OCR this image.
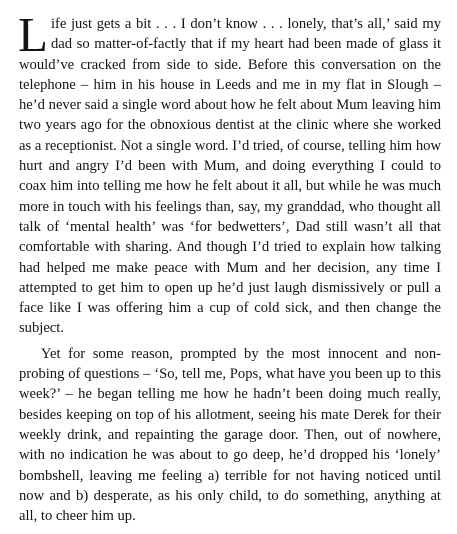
Life just gets a bit . . . I don’t know . . . lonely, that’s all,’ said my dad so matter-of-factly that if my heart had been made of glass it would’ve cracked from side to side. Before this conversation on the telephone – him in his house in Leeds and me in my flat in Slough – he’d never said a single word about how he felt about Mum leaving him two years ago for the obnoxious dentist at the clinic where she worked as a receptionist. Not a single word. I’d tried, of course, telling him how hurt and angry I’d been with Mum, and doing everything I could to coax him into telling me how he felt about it all, but while he was much more in touch with his feelings than, say, my granddad, who thought all talk of ‘mental health’ was ‘for bedwetters’, Dad still wasn’t all that comfortable with sharing. And though I’d tried to explain how talking had helped me make peace with Mum and her decision, any time I attempted to get him to open up he’d just laugh dismissively or pull a face like I was offering him a cup of cold sick, and then change the subject.

Yet for some reason, prompted by the most innocent and non-probing of questions – ‘So, tell me, Pops, what have you been up to this week?’ – he began telling me how he hadn’t been doing much really, besides keeping on top of his allotment, seeing his mate Derek for their weekly drink, and repainting the garage door. Then, out of nowhere, with no indication he was about to go deep, he’d dropped his ‘lonely’ bombshell, leaving me feeling a) terrible for not having noticed until now and b) desperate, as his only child, to do something, anything at all, to cheer him up.
